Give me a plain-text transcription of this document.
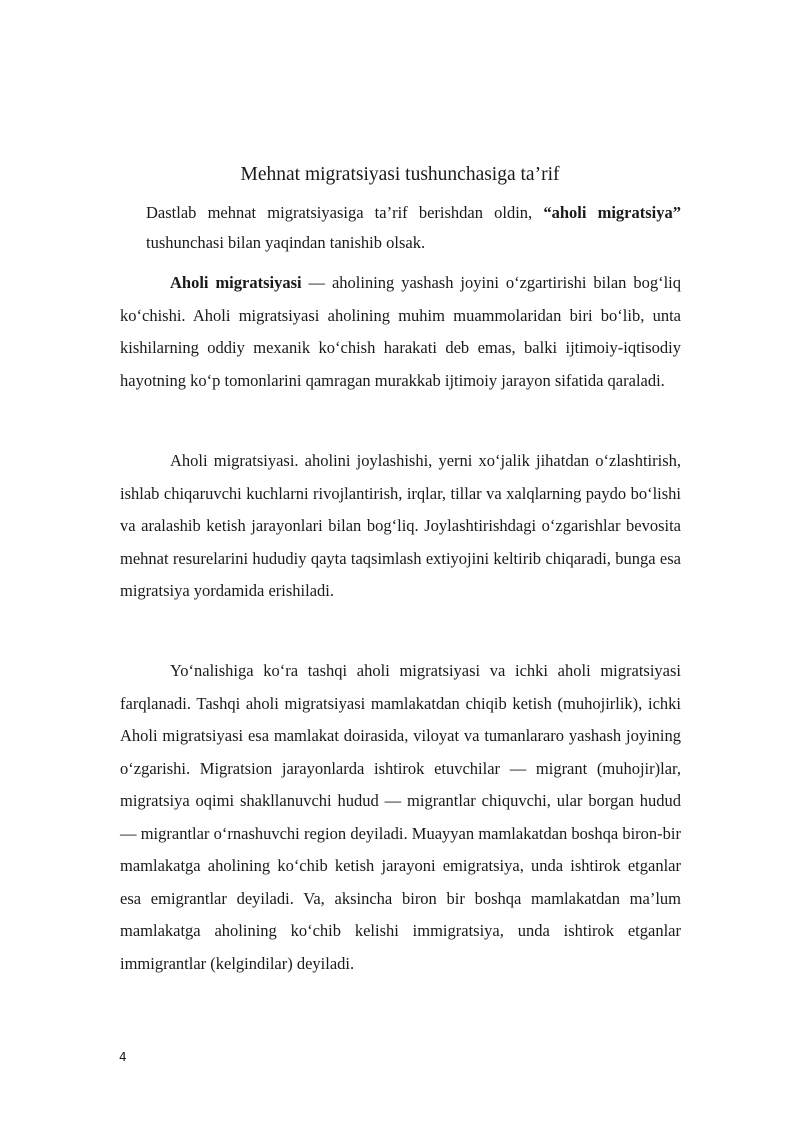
Mehnat migratsiyasi tushunchasiga ta’rif

Dastlab mehnat migratsiyasiga ta’rif berishdan oldin, “aholi migratsiya” tushunchasi bilan yaqindan tanishib olsak.

Aholi migratsiyasi — aholining yashash joyini o‘zgartirishi bilan bog‘liq ko‘chishi. Aholi migratsiyasi aholining muhim muammolaridan biri bo‘lib, unta kishilarning oddiy mexanik ko‘chish harakati deb emas, balki ijtimoiy-iqtisodiy hayotning ko‘p tomonlarini qamragan murakkab ijtimoiy jarayon sifatida qaraladi.

Aholi migratsiyasi. aholini joylashishi, yerni xo‘jalik jihatdan o‘zlashtirish, ishlab chiqaruvchi kuchlarni rivojlantirish, irqlar, tillar va xalqlarning paydo bo‘lishi va aralashib ketish jarayonlari bilan bog‘liq. Joylashtirishdagi o‘zgarishlar bevosita mehnat resurelarini hududiy qayta taqsimlash extiyojini keltirib chiqaradi, bunga esa migratsiya yordamida erishiladi.

Yo‘nalishiga ko‘ra tashqi aholi migratsiyasi va ichki aholi migratsiyasi farqlanadi. Tashqi aholi migratsiyasi mamlakatdan chiqib ketish (muhojirlik), ichki Aholi migratsiyasi esa mamlakat doirasida, viloyat va tumanlararo yashash joyining o‘zgarishi. Migratsion jarayonlarda ishtirok etuvchilar — migrant (muhojir)lar, migratsiya oqimi shakllanuvchi hudud — migrantlar chiquvchi, ular borgan hudud — migrantlar o‘rnashuvchi region deyiladi. Muayyan mamlakatdan boshqa biron-bir mamlakatga aholining ko‘chib ketish jarayoni emigratsiya, unda ishtirok etganlar esa emigrantlar deyiladi. Va, aksincha biron bir boshqa mamlakatdan ma’lum mamlakatga aholining ko‘chib kelishi immigratsiya, unda ishtirok etganlar immigrantlar (kelgindilar) deyiladi.

4
